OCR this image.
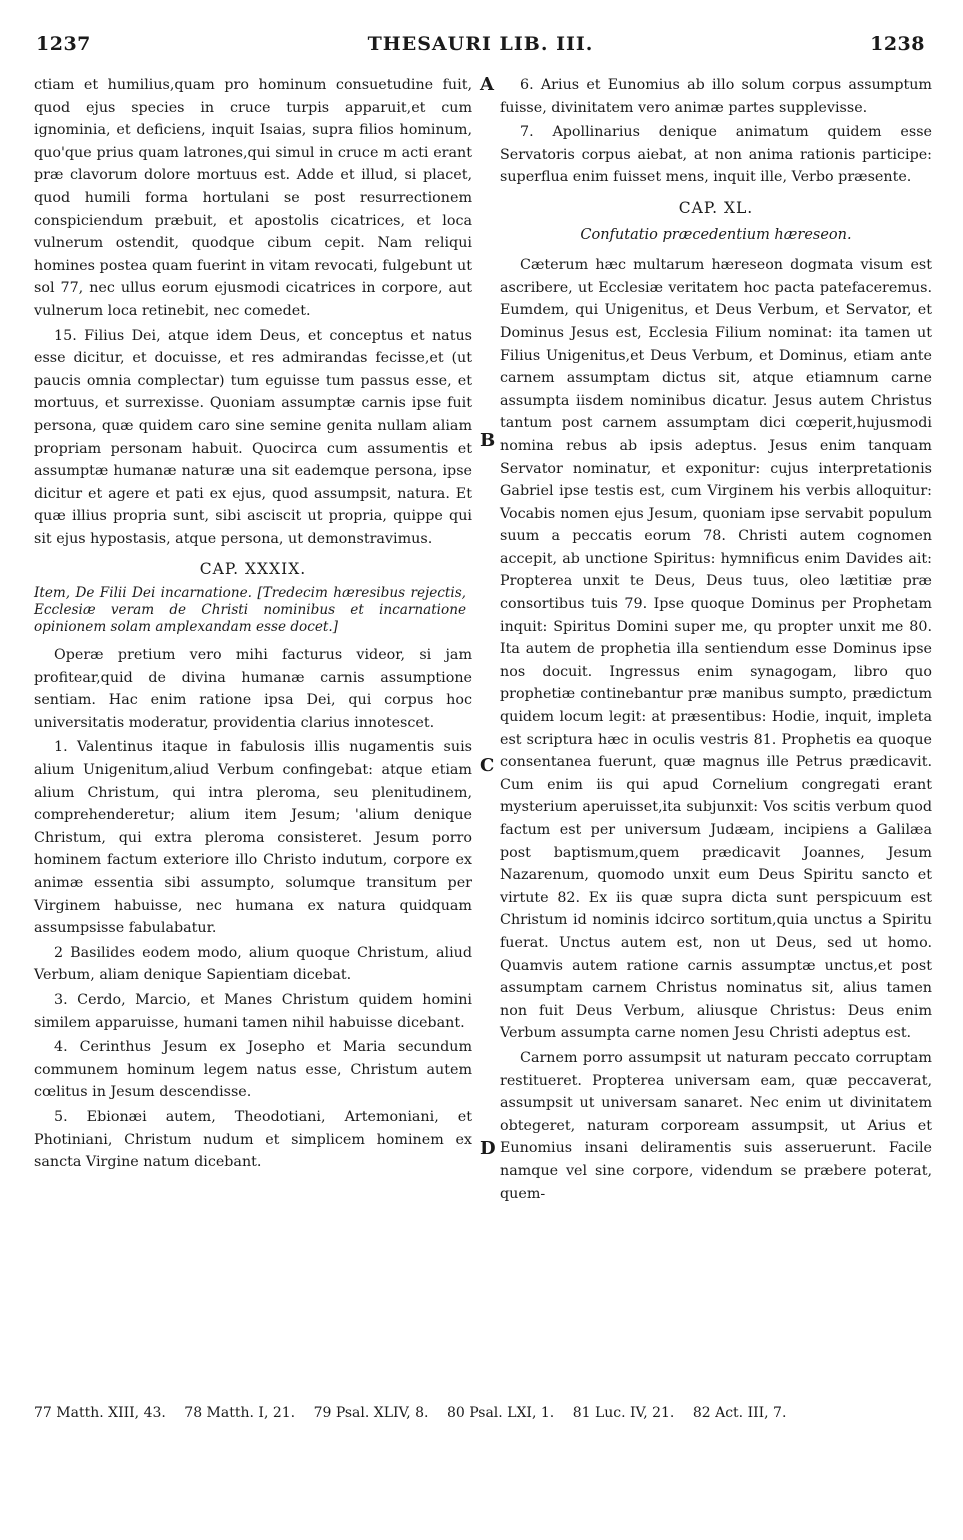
THESAURI LIB. III.
1237	1238
A
B
C
D

ctiam et humilius,quam pro hominum consuetudine fuit, quod ejus species in cruce turpis apparuit,et cum ignominia, et deficiens, inquit Isaias, supra filios hominum, quo'que prius quam latrones,qui simul in cruce m acti erant præ clavorum dolore mortuus est. Adde et illud, si placet, quod humili forma hortulani se post resurrectionem conspiciendum præbuit, et apostolis cicatrices, et loca vulnerum ostendit, quodque cibum cepit. Nam reliqui homines postea quam fuerint in vitam revocati, fulgebunt ut sol 77, nec ullus eorum ejusmodi cicatrices in corpore, aut vulnerum loca retinebit, nec comedet.

15. Filius Dei, atque idem Deus, et conceptus et natus esse dicitur, et docuisse, et res admirandas fecisse,et (ut paucis omnia complectar) tum eguisse tum passus esse, et mortuus, et surrexisse. Quoniam assumptæ carnis ipse fuit persona, quæ quidem caro sine semine genita nullam aliam propriam personam habuit. Quocirca cum assumentis et assumptæ humanæ naturæ una sit eademque persona, ipse dicitur et agere et pati ex ejus, quod assumpsit, natura. Et quæ illius propria sunt, sibi asciscit ut propria, quippe qui sit ejus hypostasis, atque persona, ut demonstravimus.

CAP. XXXIX.
Item, De Filii Dei incarnatione. [Tredecim hæresibus rejectis, Ecclesiæ veram de Christi nominibus et incarnatione opinionem solam amplexandam esse docet.]

Operæ pretium vero mihi facturus videor, si jam profitear,quid de divina humanæ carnis assumptione sentiam. Hac enim ratione ipsa Dei, qui corpus hoc universitatis moderatur, providentia clarius innotescet.

1. Valentinus itaque in fabulosis illis nugamentis suis alium Unigenitum,aliud Verbum confingebat: atque etiam alium Christum, qui intra pleroma, seu plenitudinem, comprehenderetur; alium item Jesum; 'alium denique Christum, qui extra pleroma consisteret. Jesum porro hominem factum exteriore illo Christo indutum, corpore ex animæ essentia sibi assumpto, solumque transitum per Virginem habuisse, nec humana ex natura quidquam assumpsisse fabulabatur.

2 Basilides eodem modo, alium quoque Christum, aliud Verbum, aliam denique Sapientiam dicebat.

3. Cerdo, Marcio, et Manes Christum quidem homini similem apparuisse, humani tamen nihil habuisse dicebant.

4. Cerinthus Jesum ex Josepho et Maria secundum communem hominum legem natus esse, Christum autem cœlitus in Jesum descendisse.

5. Ebionæi autem, Theodotiani, Artemoniani, et Photiniani, Christum nudum et simplicem hominem ex sancta Virgine natum dicebant.

6. Arius et Eunomius ab illo solum corpus assumptum fuisse, divinitatem vero animæ partes supplevisse.

7. Apollinarius denique animatum quidem esse Servatoris corpus aiebat, at non anima rationis participe: superflua enim fuisset mens, inquit ille, Verbo præsente.

CAP. XL.
Confutatio præcedentium hæreseon.

Cæterum hæc multarum hæreseon dogmata visum est ascribere, ut Ecclesiæ veritatem hoc pacta patefaceremus. Eumdem, qui Unigenitus, et Deus Verbum, et Servator, et Dominus Jesus est, Ecclesia Filium nominat: ita tamen ut Filius Unigenitus,et Deus Verbum, et Dominus, etiam ante carnem assumptam dictus sit, atque etiamnum carne assumpta iisdem nominibus dicatur. Jesus autem Christus tantum post carnem assumptam dici cœperit,hujusmodi nomina rebus ab ipsis adeptus. Jesus enim tanquam Servator nominatur, et exponitur: cujus interpretationis Gabriel ipse testis est, cum Virginem his verbis alloquitur: Vocabis nomen ejus Jesum, quoniam ipse servabit populum suum a peccatis eorum 78. Christi autem cognomen accepit, ab unctione Spiritus: hymnificus enim Davides ait: Propterea unxit te Deus, Deus tuus, oleo lætitiæ præ consortibus tuis 79. Ipse quoque Dominus per Prophetam inquit: Spiritus Domini super me, qu propter unxit me 80. Ita autem de prophetia illa sentiendum esse Dominus ipse nos docuit. Ingressus enim synagogam, libro quo prophetiæ continebantur præ manibus sumpto, prædictum quidem locum legit: at præsentibus: Hodie, inquit, impleta est scriptura hæc in oculis vestris 81. Prophetis ea quoque consentanea fuerunt, quæ magnus ille Petrus prædicavit. Cum enim iis qui apud Cornelium congregati erant mysterium aperuisset,ita subjunxit: Vos scitis verbum quod factum est per universum Judæam, incipiens a Galilæa post baptismum,quem prædicavit Joannes, Jesum Nazarenum, quomodo unxit eum Deus Spiritu sancto et virtute 82. Ex iis quæ supra dicta sunt perspicuum est Christum id nominis idcirco sortitum,quia unctus a Spiritu fuerat. Unctus autem est, non ut Deus, sed ut homo. Quamvis autem ratione carnis assumptæ unctus,et post assumptam carnem Christus nominatus sit, alius tamen non fuit Deus Verbum, aliusque Christus: Deus enim Verbum assumpta carne nomen Jesu Christi adeptus est.

Carnem porro assumpsit ut naturam peccato corruptam restitueret. Propterea universam eam, quæ peccaverat, assumpsit ut universam sanaret. Nec enim ut divinitatem obtegeret, naturam corpoream assumpsit, ut Arius et Eunomius insani deliramentis suis asseruerunt. Facile namque vel sine corpore, videndum se præbere poterat, quem-

77 Matth. XIII, 43. 78 Matth. I, 21. 79 Psal. XLIV, 8. 80 Psal. LXI, 1. 81 Luc. IV, 21. 82 Act. III, 7.
